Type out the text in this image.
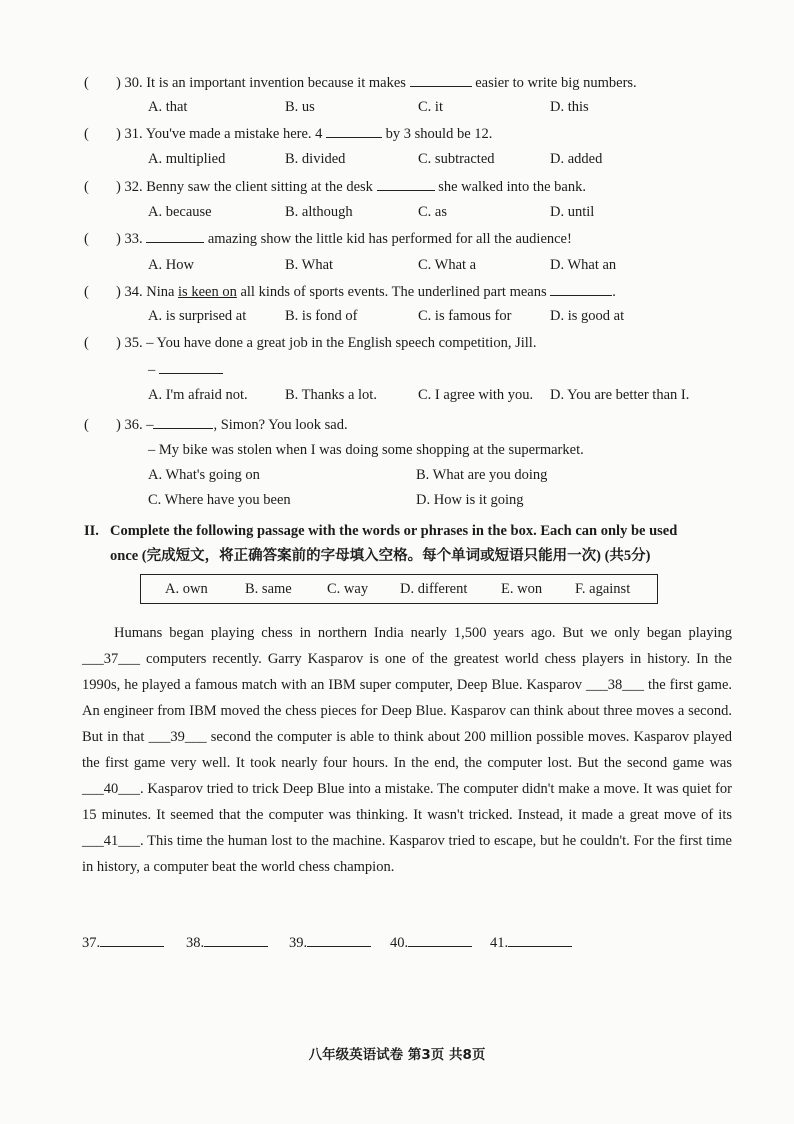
( ) 30. It is an important invention because it makes	easier to write big numbers.
A. that	B. us	C. it	D. this
( ) 31. You've made a mistake here. 4	by 3 should be 12.
A. multiplied	B. divided	C. subtracted	D. added
( ) 32. Benny saw the client sitting at the desk	she walked into the bank.
A. because	B. although	C. as	D. until
( ) 33.	amazing show the little kid has performed for all the audience!
A. How	B. What	C. What a	D. What an
( ) 34. Nina is keen on all kinds of sports events. The underlined part means	.
A. is surprised at	B. is fond of	C. is famous for	D. is good at
( ) 35. – You have done a great job in the English speech competition, Jill.
–
A. I'm afraid not.	B. Thanks a lot.	C. I agree with you. D. You are better than I.
( ) 36. –	, Simon? You look sad.
– My bike was stolen when I was doing some shopping at the supermarket.
A. What's going on	B. What are you doing
C. Where have you been	D. How is it going
II. Complete the following passage with the words or phrases in the box. Each can only be used
once (完成短文，将正确答案前的字母填入空格。每个单词或短语只能用一次) (共5分)
A. own	B. same C. way D. different E. won F. against

Humans began playing chess in northern India nearly 1,500 years ago. But we only began playing ___37___ computers recently. Garry Kasparov is one of the greatest world chess players in history. In the 1990s, he played a famous match with an IBM super computer, Deep Blue. Kasparov ___38___ the first game. An engineer from IBM moved the chess pieces for Deep Blue. Kasparov can think about three moves a second. But in that ___39___ second the computer is able to think about 200 million possible moves. Kasparov played the first game very well. It took nearly four hours. In the end, the computer lost. But the second game was ___40___. Kasparov tried to trick Deep Blue into a mistake. The computer didn't make a move. It was quiet for 15 minutes. It seemed that the computer was thinking. It wasn't tricked. Instead, it made a great move of its ___41___. This time the human lost to the machine. Kasparov tried to escape, but he couldn't. For the first time in history, a computer beat the world chess champion.

37.	38.	39.	40.	41.
八年级英语试卷 第3页 共8页
